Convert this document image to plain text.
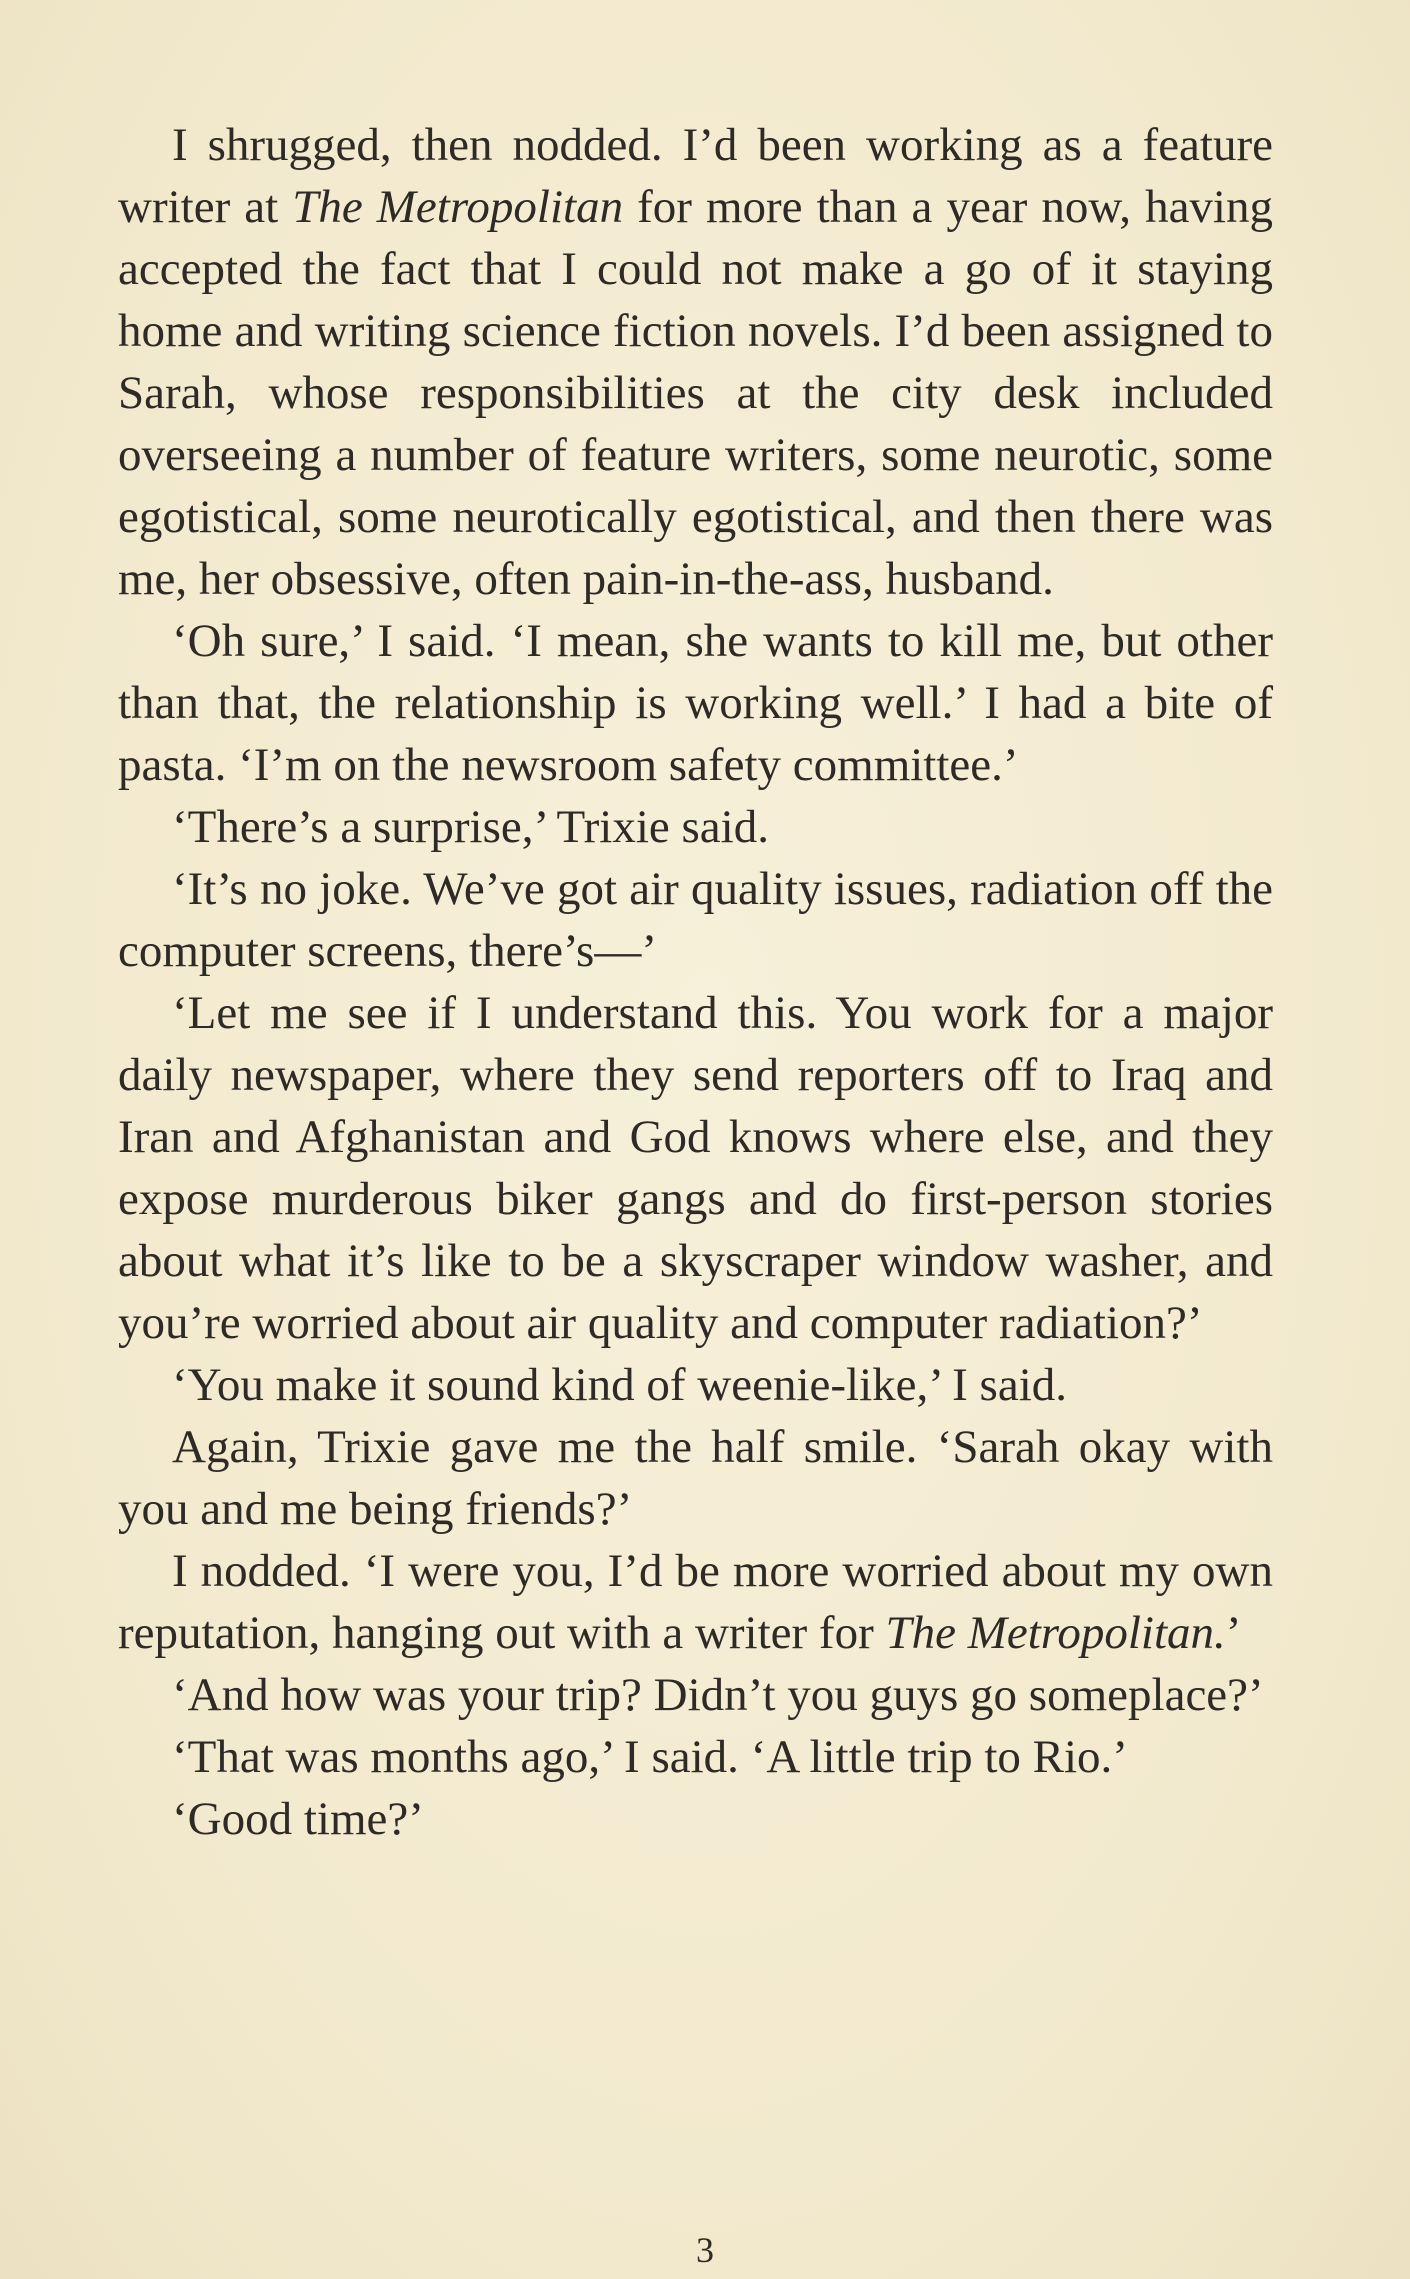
I shrugged, then nodded. I’d been working as a feature writer at The Metropolitan for more than a year now, having accepted the fact that I could not make a go of it staying home and writing science fiction novels. I’d been assigned to Sarah, whose responsibilities at the city desk included overseeing a number of feature writers, some neurotic, some egotistical, some neurotically egotistical, and then there was me, her obsessive, often pain-in-the-ass, husband.

‘Oh sure,’ I said. ‘I mean, she wants to kill me, but other than that, the relationship is working well.’ I had a bite of pasta. ‘I’m on the newsroom safety committee.’

‘There’s a surprise,’ Trixie said.

‘It’s no joke. We’ve got air quality issues, radiation off the computer screens, there’s—’

‘Let me see if I understand this. You work for a major daily newspaper, where they send reporters off to Iraq and Iran and Afghanistan and God knows where else, and they expose murderous biker gangs and do first-person stories about what it’s like to be a skyscraper window washer, and you’re worried about air quality and computer radiation?’

‘You make it sound kind of weenie-like,’ I said.

Again, Trixie gave me the half smile. ‘Sarah okay with you and me being friends?’

I nodded. ‘I were you, I’d be more worried about my own reputation, hanging out with a writer for The Metropolitan.’

‘And how was your trip? Didn’t you guys go someplace?’

‘That was months ago,’ I said. ‘A little trip to Rio.’

‘Good time?’

3
